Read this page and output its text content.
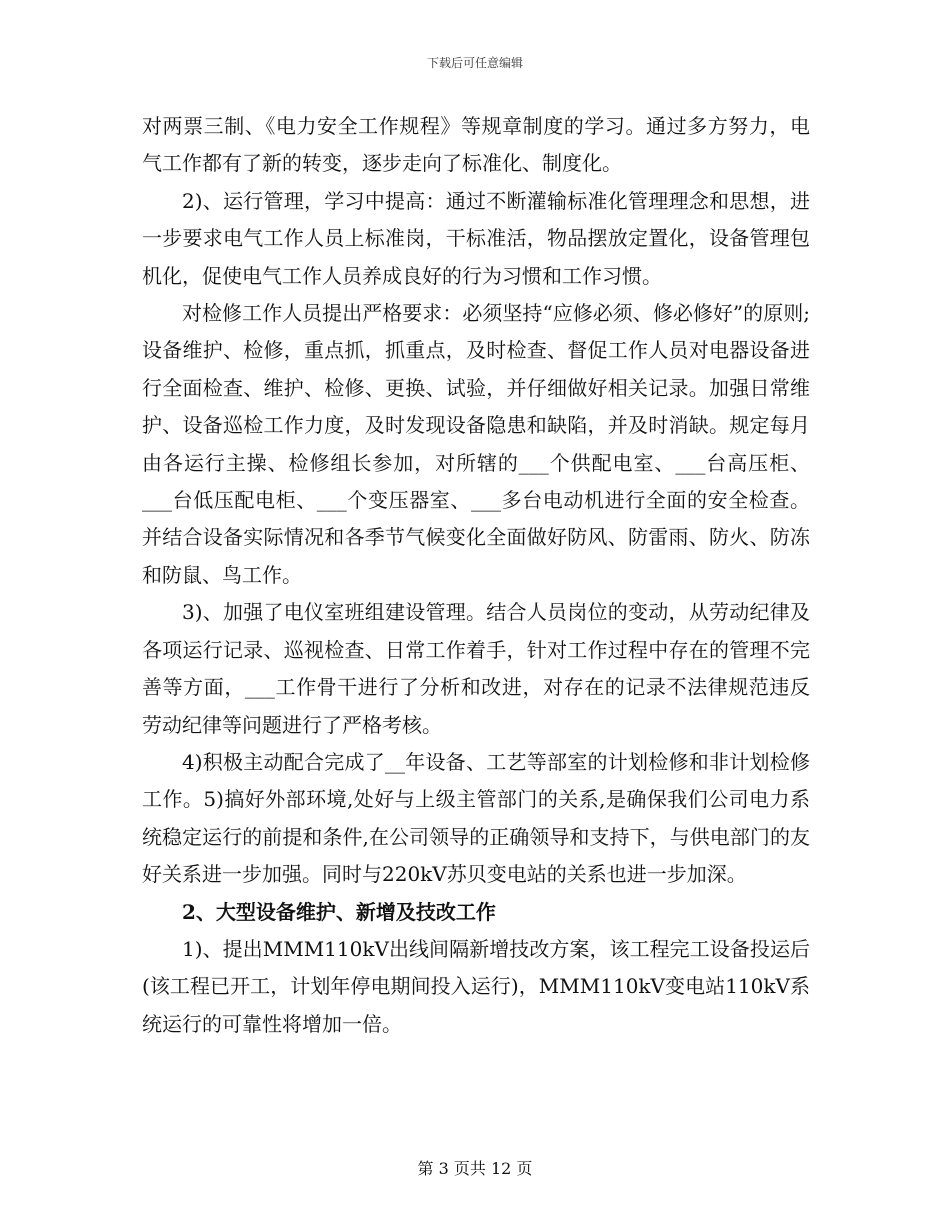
下载后可任意编辑

对两票三制、《电力安全工作规程》等规章制度的学习。通过多方努力，电气工作都有了新的转变，逐步走向了标准化、制度化。

2)、运行管理，学习中提高：通过不断灌输标准化管理理念和思想，进一步要求电气工作人员上标准岗，干标准活，物品摆放定置化，设备管理包机化，促使电气工作人员养成良好的行为习惯和工作习惯。

对检修工作人员提出严格要求：必须坚持“应修必须、修必修好”的原则;设备维护、检修，重点抓，抓重点，及时检查、督促工作人员对电器设备进行全面检查、维护、检修、更换、试验，并仔细做好相关记录。加强日常维护、设备巡检工作力度，及时发现设备隐患和缺陷，并及时消缺。规定每月由各运行主操、检修组长参加，对所辖的___个供配电室、___台高压柜、___台低压配电柜、___个变压器室、___多台电动机进行全面的安全检查。并结合设备实际情况和各季节气候变化全面做好防风、防雷雨、防火、防冻和防鼠、鸟工作。

3)、加强了电仪室班组建设管理。结合人员岗位的变动，从劳动纪律及各项运行记录、巡视检查、日常工作着手，针对工作过程中存在的管理不完善等方面，___工作骨干进行了分析和改进，对存在的记录不法律规范违反劳动纪律等问题进行了严格考核。

4)积极主动配合完成了__年设备、工艺等部室的计划检修和非计划检修工作。5)搞好外部环境,处好与上级主管部门的关系,是确保我们公司电力系统稳定运行的前提和条件,在公司领导的正确领导和支持下，与供电部门的友好关系进一步加强。同时与220kV苏贝变电站的关系也进一步加深。

2、大型设备维护、新增及技改工作

1)、提出MMM110kV出线间隔新增技改方案，该工程完工设备投运后(该工程已开工，计划年停电期间投入运行)，MMM110kV变电站110kV系统运行的可靠性将增加一倍。

第 3 页共 12 页
